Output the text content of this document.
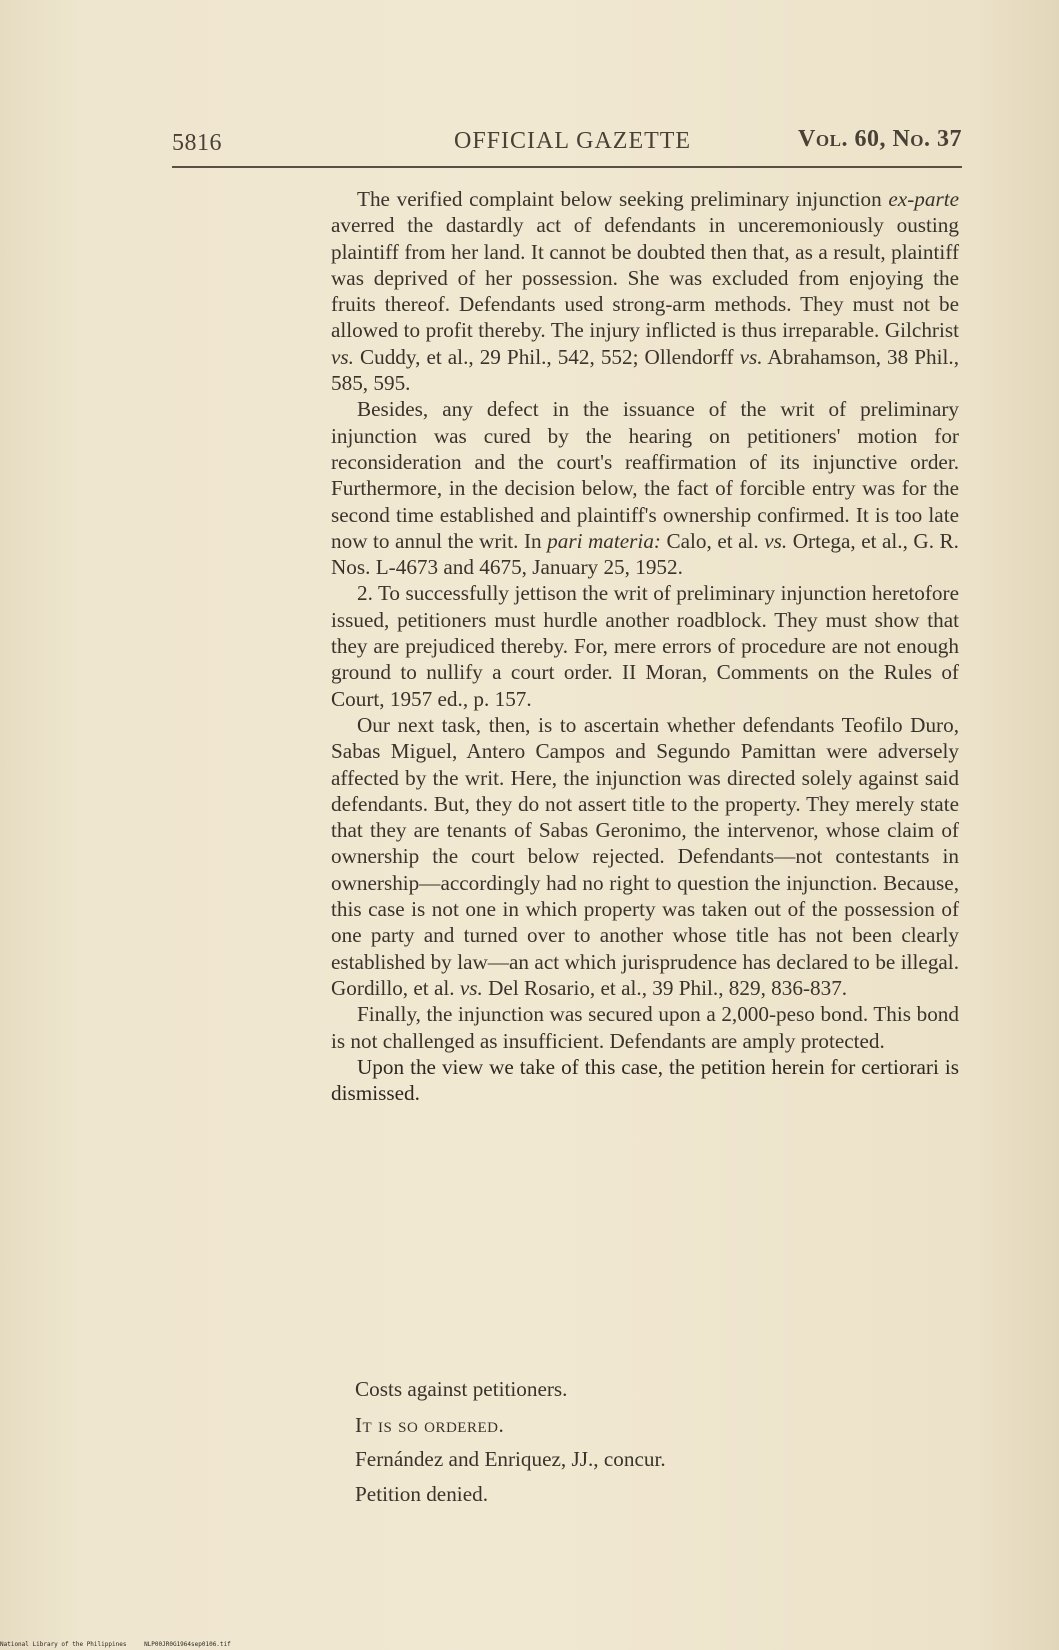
5816	OFFICIAL GAZETTE	Vol. 60, No. 37

The verified complaint below seeking preliminary injunction ex-parte averred the dastardly act of defendants in unceremoniously ousting plaintiff from her land. It cannot be doubted then that, as a result, plaintiff was deprived of her possession. She was excluded from enjoying the fruits thereof. Defendants used strong-arm methods. They must not be allowed to profit thereby. The injury inflicted is thus irreparable. Gilchrist vs. Cuddy, et al., 29 Phil., 542, 552; Ollendorff vs. Abrahamson, 38 Phil., 585, 595.

Besides, any defect in the issuance of the writ of preliminary injunction was cured by the hearing on petitioners' motion for reconsideration and the court's reaffirmation of its injunctive order. Furthermore, in the decision below, the fact of forcible entry was for the second time established and plaintiff's ownership confirmed. It is too late now to annul the writ. In pari materia: Calo, et al. vs. Ortega, et al., G. R. Nos. L-4673 and 4675, January 25, 1952.

2. To successfully jettison the writ of preliminary injunction heretofore issued, petitioners must hurdle another roadblock. They must show that they are prejudiced thereby. For, mere errors of procedure are not enough ground to nullify a court order. II Moran, Comments on the Rules of Court, 1957 ed., p. 157.

Our next task, then, is to ascertain whether defendants Teofilo Duro, Sabas Miguel, Antero Campos and Segundo Pamittan were adversely affected by the writ. Here, the injunction was directed solely against said defendants. But, they do not assert title to the property. They merely state that they are tenants of Sabas Geronimo, the intervenor, whose claim of ownership the court below rejected. Defendants—not contestants in ownership—accordingly had no right to question the injunction. Because, this case is not one in which property was taken out of the possession of one party and turned over to another whose title has not been clearly established by law—an act which jurisprudence has declared to be illegal. Gordillo, et al. vs. Del Rosario, et al., 39 Phil., 829, 836-837.

Finally, the injunction was secured upon a 2,000-peso bond. This bond is not challenged as insufficient. Defendants are amply protected.

Upon the view we take of this case, the petition herein for certiorari is dismissed.

Costs against petitioners.

It is so ordered.

Fernández and Enriquez, JJ., concur.

Petition denied.

National Library of the Philippines	NLP00JR0G1964sep0106.tif
